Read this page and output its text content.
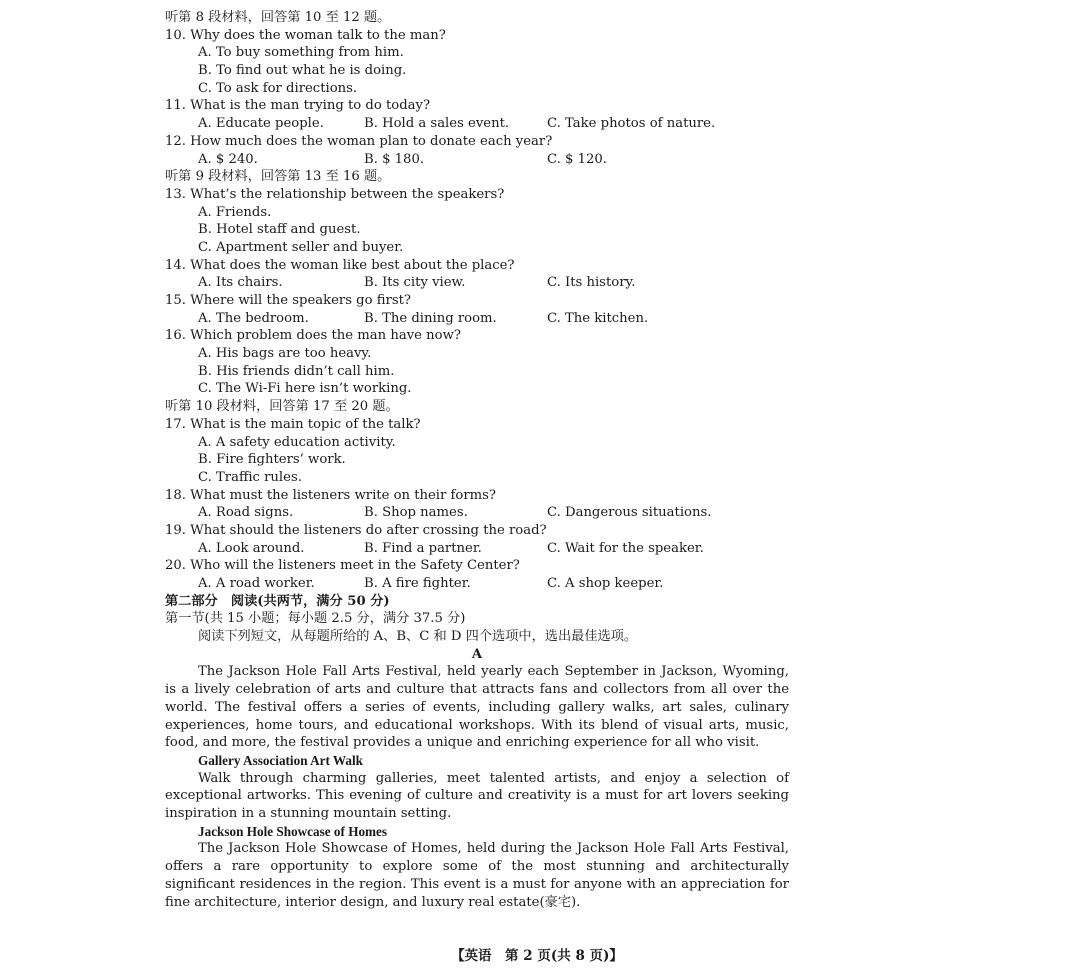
听第 8 段材料，回答第 10 至 12 题。
10. Why does the woman talk to the man?
A. To buy something from him.
B. To find out what he is doing.
C. To ask for directions.
11. What is the man trying to do today?
A. Educate people.	B. Hold a sales event.	C. Take photos of nature.
12. How much does the woman plan to donate each year?
A. $ 240.	B. $ 180.	C. $ 120.
听第 9 段材料，回答第 13 至 16 题。
13. What’s the relationship between the speakers?
A. Friends.
B. Hotel staff and guest.
C. Apartment seller and buyer.
14. What does the woman like best about the place?
A. Its chairs.	B. Its city view.	C. Its history.
15. Where will the speakers go first?
A. The bedroom.	B. The dining room.	C. The kitchen.
16. Which problem does the man have now?
A. His bags are too heavy.
B. His friends didn’t call him.
C. The Wi-Fi here isn’t working.
听第 10 段材料，回答第 17 至 20 题。
17. What is the main topic of the talk?
A. A safety education activity.
B. Fire fighters’ work.
C. Traffic rules.
18. What must the listeners write on their forms?
A. Road signs.	B. Shop names.	C. Dangerous situations.
19. What should the listeners do after crossing the road?
A. Look around.	B. Find a partner.	C. Wait for the speaker.
20. Who will the listeners meet in the Safety Center?
A. A road worker.	B. A fire fighter.	C. A shop keeper.
第二部分　阅读(共两节，满分 50 分)
第一节(共 15 小题；每小题 2.5 分，满分 37.5 分)
阅读下列短文，从每题所给的 A、B、C 和 D 四个选项中，选出最佳选项。
A

The Jackson Hole Fall Arts Festival, held yearly each September in Jackson, Wyoming, is a lively celebration of arts and culture that attracts fans and collectors from all over the world. The festival offers a series of events, including gallery walks, art sales, culinary experiences, home tours, and educational workshops. With its blend of visual arts, music, food, and more, the festival provides a unique and enriching experience for all who visit.

Gallery Association Art Walk

Walk through charming galleries, meet talented artists, and enjoy a selection of exceptional artworks. This evening of culture and creativity is a must for art lovers seeking inspiration in a stunning mountain setting.

Jackson Hole Showcase of Homes

The Jackson Hole Showcase of Homes, held during the Jackson Hole Fall Arts Festival, offers a rare opportunity to explore some of the most stunning and architecturally significant residences in the region. This event is a must for anyone with an appreciation for fine architecture, interior design, and luxury real estate(豪宅).

【英语　第 2 页(共 8 页)】
